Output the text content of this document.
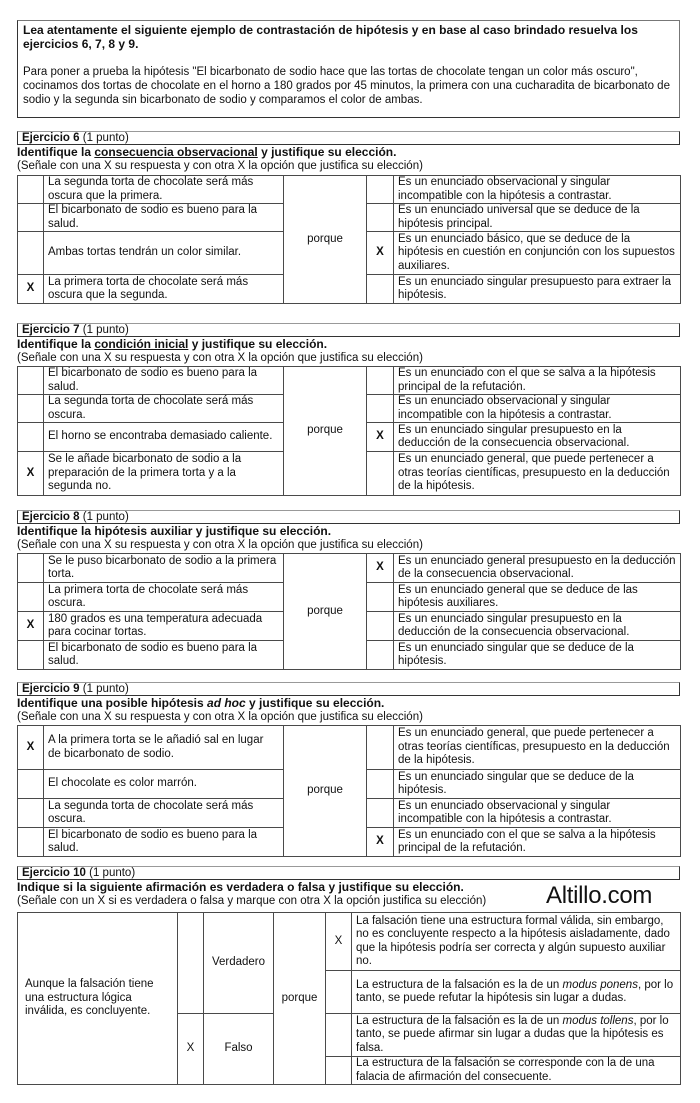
Lea atentamente el siguiente ejemplo de contrastación de hipótesis y en base al caso brindado resuelva los ejercicios 6, 7, 8 y 9.

Para poner a prueba la hipótesis "El bicarbonato de sodio hace que las tortas de chocolate tengan un color más oscuro", cocinamos dos tortas de chocolate en el horno a 180 grados por 45 minutos, la primera con una cucharadita de bicarbonato de sodio y la segunda sin bicarbonato de sodio y comparamos el color de ambas.

Ejercicio 6 (1 punto)
Identifique la consecuencia observacional y justifique su elección.
(Señale con una X su respuesta y con otra X la opción que justifica su elección)
	La segunda torta de chocolate será más oscura que la primera.	porque		Es un enunciado observacional y singular incompatible con la hipótesis a contrastar.
	El bicarbonato de sodio es bueno para la salud.			Es un enunciado universal que se deduce de la hipótesis principal.
	Ambas tortas tendrán un color similar.		X	Es un enunciado básico, que se deduce de la hipótesis en cuestión en conjunción con los supuestos auxiliares.
X	La primera torta de chocolate será más oscura que la segunda.			Es un enunciado singular presupuesto para extraer la hipótesis.
Ejercicio 7 (1 punto)
Identifique la condición inicial y justifique su elección.
(Señale con una X su respuesta y con otra X la opción que justifica su elección)
	El bicarbonato de sodio es bueno para la salud.	porque		Es un enunciado con el que se salva a la hipótesis principal de la refutación.
	La segunda torta de chocolate será más oscura.			Es un enunciado observacional y singular incompatible con la hipótesis a contrastar.
	El horno se encontraba demasiado caliente.		X	Es un enunciado singular presupuesto en la deducción de la consecuencia observacional.
X	Se le añade bicarbonato de sodio a la preparación de la primera torta y a la segunda no.			Es un enunciado general, que puede pertenecer a otras teorías científicas, presupuesto en la deducción de la hipótesis.
Ejercicio 8 (1 punto)
Identifique la hipótesis auxiliar y justifique su elección.
(Señale con una X su respuesta y con otra X la opción que justifica su elección)
	Se le puso bicarbonato de sodio a la primera torta.	porque	X	Es un enunciado general presupuesto en la deducción de la consecuencia observacional.
	La primera torta de chocolate será más oscura.			Es un enunciado general que se deduce de las hipótesis auxiliares.
X	180 grados es una temperatura adecuada para cocinar tortas.			Es un enunciado singular presupuesto en la deducción de la consecuencia observacional.
	El bicarbonato de sodio es bueno para la salud.			Es un enunciado singular que se deduce de la hipótesis.
Ejercicio 9 (1 punto)
Identifique una posible hipótesis ad hoc y justifique su elección.
(Señale con una X su respuesta y con otra X la opción que justifica su elección)
X	A la primera torta se le añadió sal en lugar de bicarbonato de sodio.	porque		Es un enunciado general, que puede pertenecer a otras teorías científicas, presupuesto en la deducción de la hipótesis.
	El chocolate es color marrón.			Es un enunciado singular que se deduce de la hipótesis.
	La segunda torta de chocolate será más oscura.			Es un enunciado observacional y singular incompatible con la hipótesis a contrastar.
	El bicarbonato de sodio es bueno para la salud.		X	Es un enunciado con el que se salva a la hipótesis principal de la refutación.
Ejercicio 10 (1 punto)
Indique si la siguiente afirmación es verdadera o falsa y justifique su elección.
(Señale con un X si es verdadera o falsa y marque con otra X la opción justifica su elección)
Aunque la falsación tiene una estructura lógica inválida, es concluyente.		Verdadero	porque	X	La falsación tiene una estructura formal válida, sin embargo, no es concluyente respecto a la hipótesis aisladamente, dado que la hipótesis podría ser correcta y algún supuesto auxiliar no.
					La estructura de la falsación es la de un modus ponens, por lo tanto, se puede refutar la hipótesis sin lugar a dudas.
	X	Falso			La estructura de la falsación es la de un modus tollens, por lo tanto, se puede afirmar sin lugar a dudas que la hipótesis es falsa.
					La estructura de la falsación se corresponde con la de una falacia de afirmación del consecuente.
Altillo.com
